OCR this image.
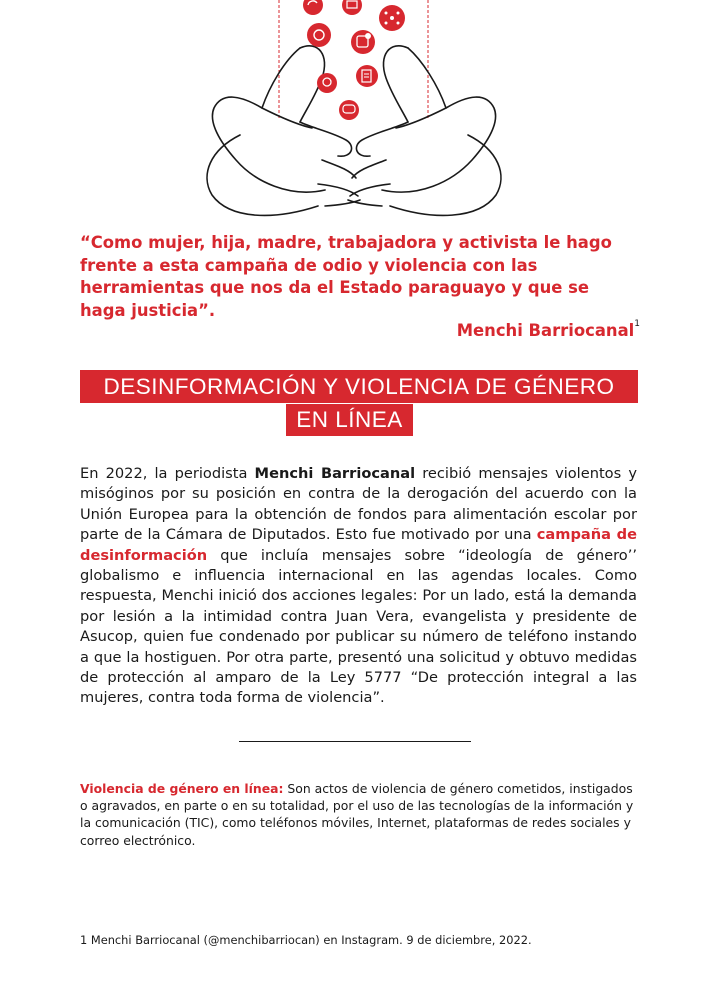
“Como mujer, hija, madre, trabajadora y activista le hago frente a esta campaña de odio y violencia con las herramientas que nos da el Estado paraguayo y que se haga justicia”.
Menchi Barriocanal$^1$
DESINFORMACIÓN Y VIOLENCIA DE GÉNERO
EN LÍNEA
En 2022, la periodista Menchi Barriocanal recibió mensajes violentos y misóginos por su posición en contra de la derogación del acuerdo con la Unión Europea para la obtención de fondos para alimentación escolar por parte de la Cámara de Diputados. Esto fue motivado por una campaña de desinformación que incluía mensajes sobre “ideología de género’’ globalismo e influencia internacional en las agendas locales. Como respuesta, Menchi inició dos acciones legales: Por un lado, está la demanda por lesión a la intimidad contra Juan Vera, evangelista y presidente de Asucop, quien fue condenado por publicar su número de teléfono instando a que la hostiguen. Por otra parte, presentó una solicitud y obtuvo medidas de protección al amparo de la Ley 5777 “De protección integral a las mujeres, contra toda forma de violencia”.
Violencia de género en línea: Son actos de violencia de género cometidos, instigados o agravados, en parte o en su totalidad, por el uso de las tecnologías de la información y la comunicación (TIC), como teléfonos móviles, Internet, plataformas de redes sociales y correo electrónico.
1 Menchi Barriocanal (@menchibarriocan) en Instagram. 9 de diciembre, 2022.
